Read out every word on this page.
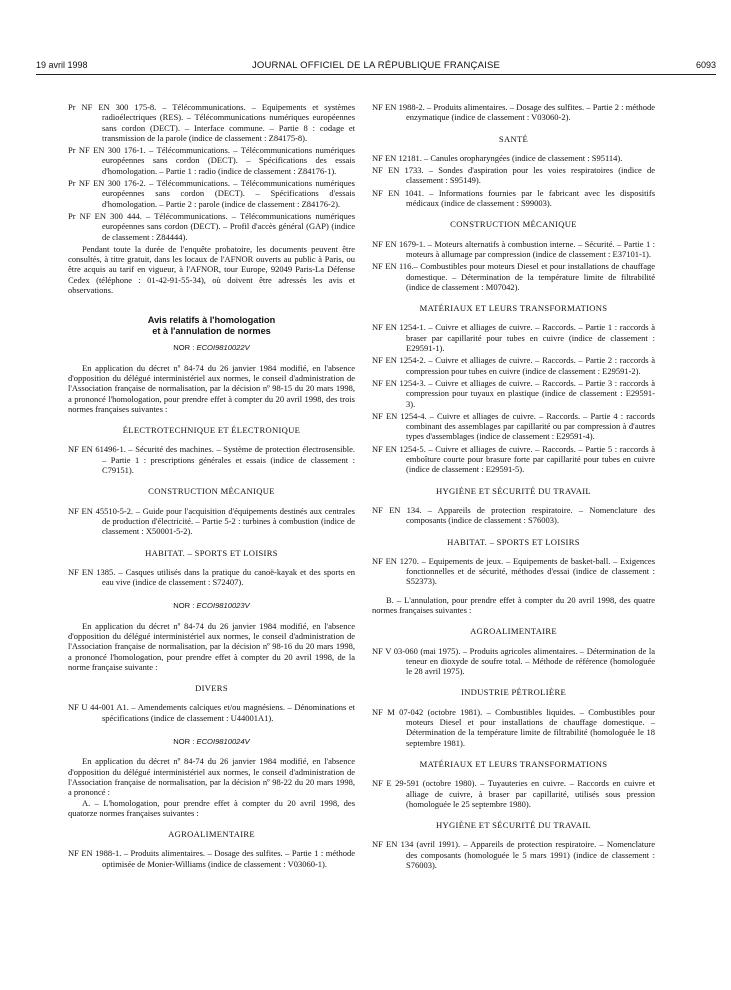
19 avril 1998	JOURNAL OFFICIEL DE LA RÉPUBLIQUE FRANÇAISE	6093

Pr NF EN 300 175-8. – Télécommunications. – Equipements et systèmes radioélectriques (RES). – Télécommunications numériques européennes sans cordon (DECT). – Interface commune. – Partie 8 : codage et transmission de la parole (indice de classement : Z84175-8).

Pr NF EN 300 176-1. – Télécommunications. – Télécommunications numériques européennes sans cordon (DECT). – Spécifications des essais d'homologation. – Partie 1 : radio (indice de classement : Z84176-1).

Pr NF EN 300 176-2. – Télécommunications. – Télécommunications numériques européennes sans cordon (DECT). – Spécifications d'essais d'homologation. – Partie 2 : parole (indice de classement : Z84176-2).

Pr NF EN 300 444. – Télécommunications. – Télécommunications numériques européennes sans cordon (DECT). – Profil d'accès général (GAP) (indice de classement : Z84444).

Pendant toute la durée de l'enquête probatoire, les documents peuvent être consultés, à titre gratuit, dans les locaux de l'AFNOR ouverts au public à Paris, ou être acquis au tarif en vigueur, à l'AFNOR, tour Europe, 92049 Paris-La Défense Cedex (téléphone : 01-42-91-55-34), où doivent être adressés les avis et observations.

Avis relatifs à l'homologation
et à l'annulation de normes
NOR : ECOI9810022V

En application du décret nº 84-74 du 26 janvier 1984 modifié, en l'absence d'opposition du délégué interministériel aux normes, le conseil d'administration de l'Association française de normalisation, par la décision nº 98-15 du 20 mars 1998, a prononcé l'homologation, pour prendre effet à compter du 20 avril 1998, des trois normes françaises suivantes :

ÉLECTROTECHNIQUE ET ÉLECTRONIQUE

NF EN 61496-1. – Sécurité des machines. – Système de protection électrosensible. – Partie 1 : prescriptions générales et essais (indice de classement : C79151).

CONSTRUCTION MÉCANIQUE

NF EN 45510-5-2. – Guide pour l'acquisition d'équipements destinés aux centrales de production d'électricité. – Partie 5-2 : turbines à combustion (indice de classement : X50001-5-2).

HABITAT. – SPORTS ET LOISIRS

NF EN 1385. – Casques utilisés dans la pratique du canoë-kayak et des sports en eau vive (indice de classement : S72407).

NOR : ECOI9810023V

En application du décret nº 84-74 du 26 janvier 1984 modifié, en l'absence d'opposition du délégué interministériel aux normes, le conseil d'administration de l'Association française de normalisation, par la décision nº 98-16 du 20 mars 1998, a prononcé l'homologation, pour prendre effet à compter du 20 avril 1998, de la norme française suivante :

DIVERS

NF U 44-001 A1. – Amendements calciques et/ou magnésiens. – Dénominations et spécifications (indice de classement : U44001A1).

NOR : ECOI9810024V

En application du décret nº 84-74 du 26 janvier 1984 modifié, en l'absence d'opposition du délégué interministériel aux normes, le conseil d'administration de l'Association française de normalisation, par la décision nº 98-22 du 20 mars 1998, a prononcé :

A. – L'homologation, pour prendre effet à compter du 20 avril 1998, des quatorze normes françaises suivantes :

AGROALIMENTAIRE

NF EN 1988-1. – Produits alimentaires. – Dosage des sulfites. – Partie 1 : méthode optimisée de Monier-Williams (indice de classement : V03060-1).

NF EN 1988-2. – Produits alimentaires. – Dosage des sulfites. – Partie 2 : méthode enzymatique (indice de classement : V03060-2).

SANTÉ

NF EN 12181. – Canules oropharyngées (indice de classement : S95114).

NF EN 1733. – Sondes d'aspiration pour les voies respiratoires (indice de classement : S95149).

NF EN 1041. – Informations fournies par le fabricant avec les dispositifs médicaux (indice de classement : S99003).

CONSTRUCTION MÉCANIQUE

NF EN 1679-1. – Moteurs alternatifs à combustion interne. – Sécurité. – Partie 1 : moteurs à allumage par compression (indice de classement : E37101-1).

NF EN 116.– Combustibles pour moteurs Diesel et pour installations de chauffage domestique. – Détermination de la température limite de filtrabilité (indice de classement : M07042).

MATÉRIAUX ET LEURS TRANSFORMATIONS

NF EN 1254-1. – Cuivre et alliages de cuivre. – Raccords. – Partie 1 : raccords à braser par capillarité pour tubes en cuivre (indice de classement : E29591-1).

NF EN 1254-2. – Cuivre et alliages de cuivre. – Raccords. – Partie 2 : raccords à compression pour tubes en cuivre (indice de classement : E29591-2).

NF EN 1254-3. – Cuivre et alliages de cuivre. – Raccords. – Partie 3 : raccords à compression pour tuyaux en plastique (indice de classement : E29591-3).

NF EN 1254-4. – Cuivre et alliages de cuivre. – Raccords. – Partie 4 : raccords combinant des assemblages par capillarité ou par compression à d'autres types d'assemblages (indice de classement : E29591-4).

NF EN 1254-5. – Cuivre et alliages de cuivre. – Raccords. – Partie 5 : raccords à emboîture courte pour brasure forte par capillarité pour tubes en cuivre (indice de classement : E29591-5).

HYGIÈNE ET SÉCURITÉ DU TRAVAIL

NF EN 134. – Appareils de protection respiratoire. – Nomenclature des composants (indice de classement : S76003).

HABITAT. – SPORTS ET LOISIRS

NF EN 1270. – Equipements de jeux. – Equipements de basket-ball. – Exigences fonctionnelles et de sécurité, méthodes d'essai (indice de classement : S52373).

B. – L'annulation, pour prendre effet à compter du 20 avril 1998, des quatre normes françaises suivantes :

AGROALIMENTAIRE

NF V 03-060 (mai 1975). – Produits agricoles alimentaires. – Détermination de la teneur en dioxyde de soufre total. – Méthode de référence (homologuée le 28 avril 1975).

INDUSTRIE PÉTROLIÈRE

NF M 07-042 (octobre 1981). – Combustibles liquides. – Combustibles pour moteurs Diesel et pour installations de chauffage domestique. – Détermination de la température limite de filtrabilité (homologuée le 18 septembre 1981).

MATÉRIAUX ET LEURS TRANSFORMATIONS

NF E 29-591 (octobre 1980). – Tuyauteries en cuivre. – Raccords en cuivre et alliage de cuivre, à braser par capillarité, utilisés sous pression (homologuée le 25 septembre 1980).

HYGIÈNE ET SÉCURITÉ DU TRAVAIL

NF EN 134 (avril 1991). – Appareils de protection respiratoire. – Nomenclature des composants (homologuée le 5 mars 1991) (indice de classement : S76003).
